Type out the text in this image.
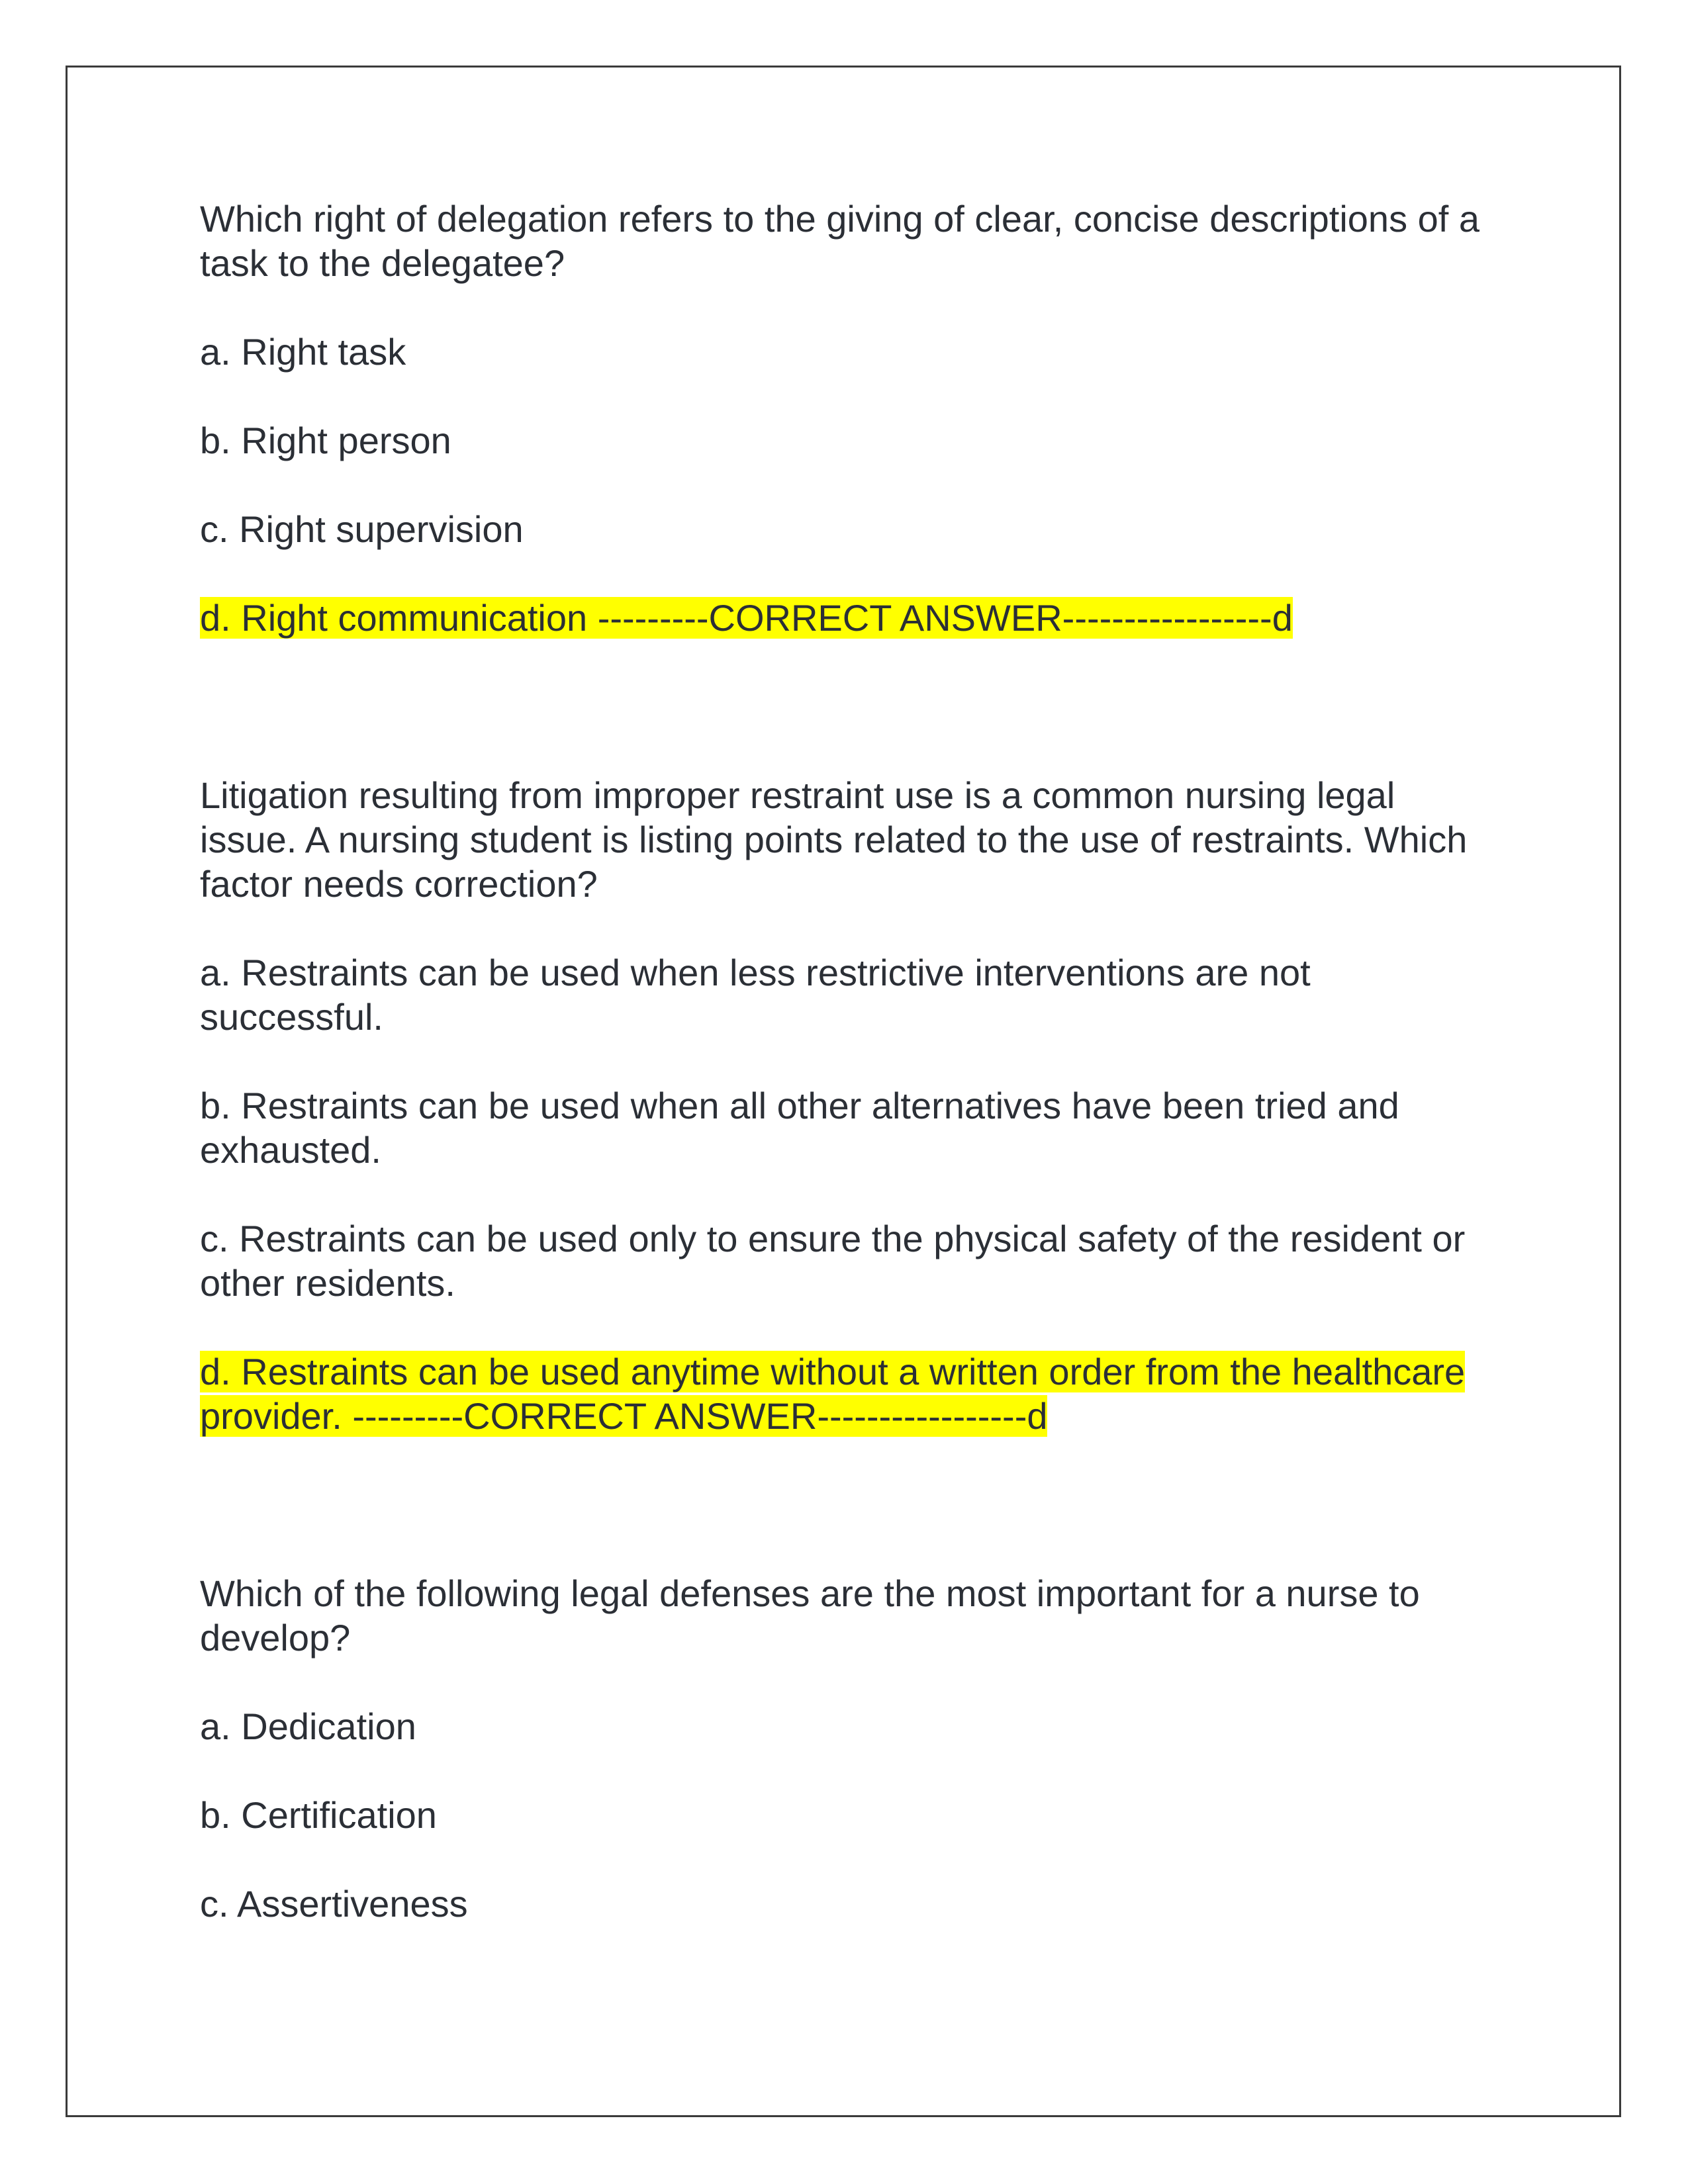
Which right of delegation refers to the giving of clear, concise descriptions of a task to the delegatee?

a. Right task

b. Right person

c. Right supervision

d. Right communication ---------CORRECT ANSWER-----------------d

Litigation resulting from improper restraint use is a common nursing legal issue. A nursing student is listing points related to the use of restraints. Which factor needs correction?

a. Restraints can be used when less restrictive interventions are not successful.

b. Restraints can be used when all other alternatives have been tried and exhausted.

c. Restraints can be used only to ensure the physical safety of the resident or other residents.

d. Restraints can be used anytime without a written order from the healthcare provider. ---------CORRECT ANSWER-----------------d

Which of the following legal defenses are the most important for a nurse to develop?

a. Dedication

b. Certification

c. Assertiveness
